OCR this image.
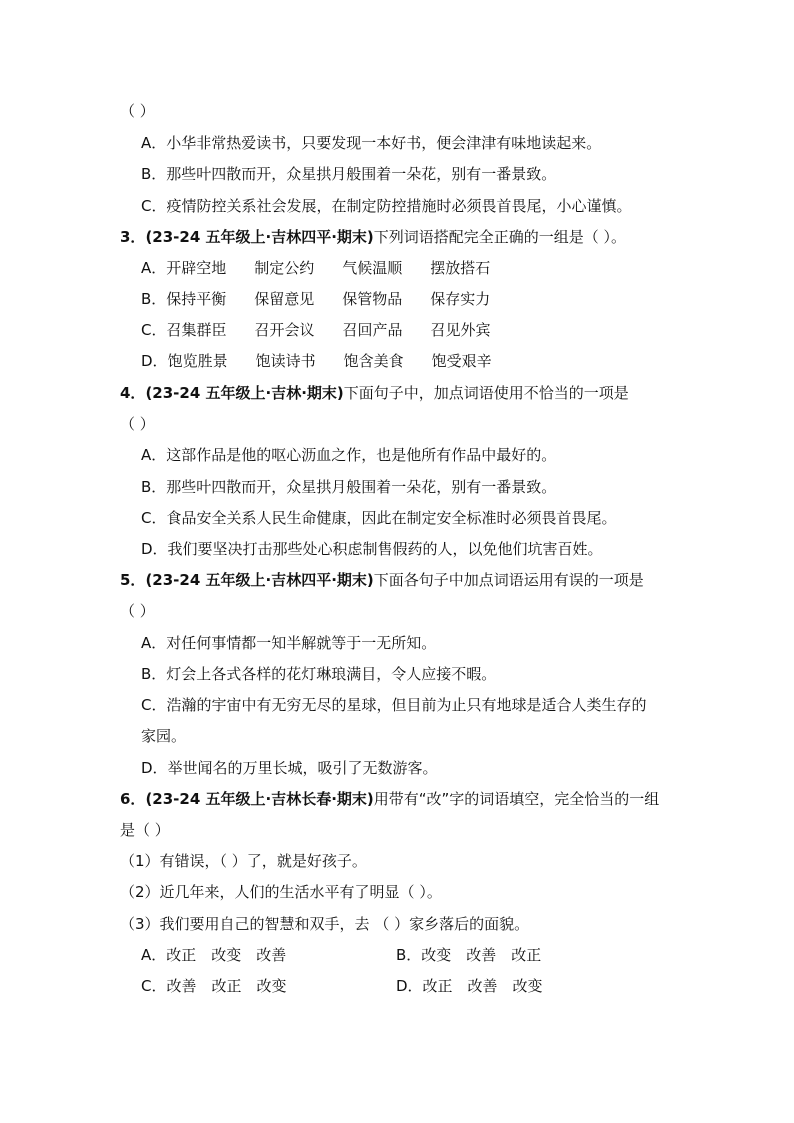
（ ）
A．小华非常热爱读书，只要发现一本好书，便会津津有味地读起来。
B．那些叶四散而开，众星拱月般围着一朵花，别有一番景致。
C．疫情防控关系社会发展，在制定防控措施时必须畏首畏尾，小心谨慎。
3．(23-24 五年级上·吉林四平·期末)下列词语搭配完全正确的一组是（ ）。
A．开辟空地 制定公约 气候温顺 摆放搭石
B．保持平衡 保留意见 保管物品 保存实力
C．召集群臣 召开会议 召回产品 召见外宾
D．饱览胜景 饱读诗书 饱含美食 饱受艰辛
4．(23-24 五年级上·吉林·期末)下面句子中，加点词语使用不恰当的一项是
（ ）
A．这部作品是他的呕心沥血之作，也是他所有作品中最好的。
B．那些叶四散而开，众星拱月般围着一朵花，别有一番景致。
C．食品安全关系人民生命健康，因此在制定安全标准时必须畏首畏尾。
D．我们要坚决打击那些处心积虑制售假药的人，以免他们坑害百姓。
5．(23-24 五年级上·吉林四平·期末)下面各句子中加点词语运用有误的一项是
（ ）
A．对任何事情都一知半解就等于一无所知。
B．灯会上各式各样的花灯琳琅满目，令人应接不暇。
C．浩瀚的宇宙中有无穷无尽的星球，但目前为止只有地球是适合人类生存的
家园。
D．举世闻名的万里长城，吸引了无数游客。
6．(23-24 五年级上·吉林长春·期末)用带有“改”字的词语填空，完全恰当的一组
是（ ）
（1）有错误，（ ）了，就是好孩子。
（2）近几年来，人们的生活水平有了明显（ ）。
（3）我们要用自己的智慧和双手，去 （ ）家乡落后的面貌。
A．改正　改变　改善	B．改变　改善　改正
C．改善　改正　改变	D．改正　改善　改变
